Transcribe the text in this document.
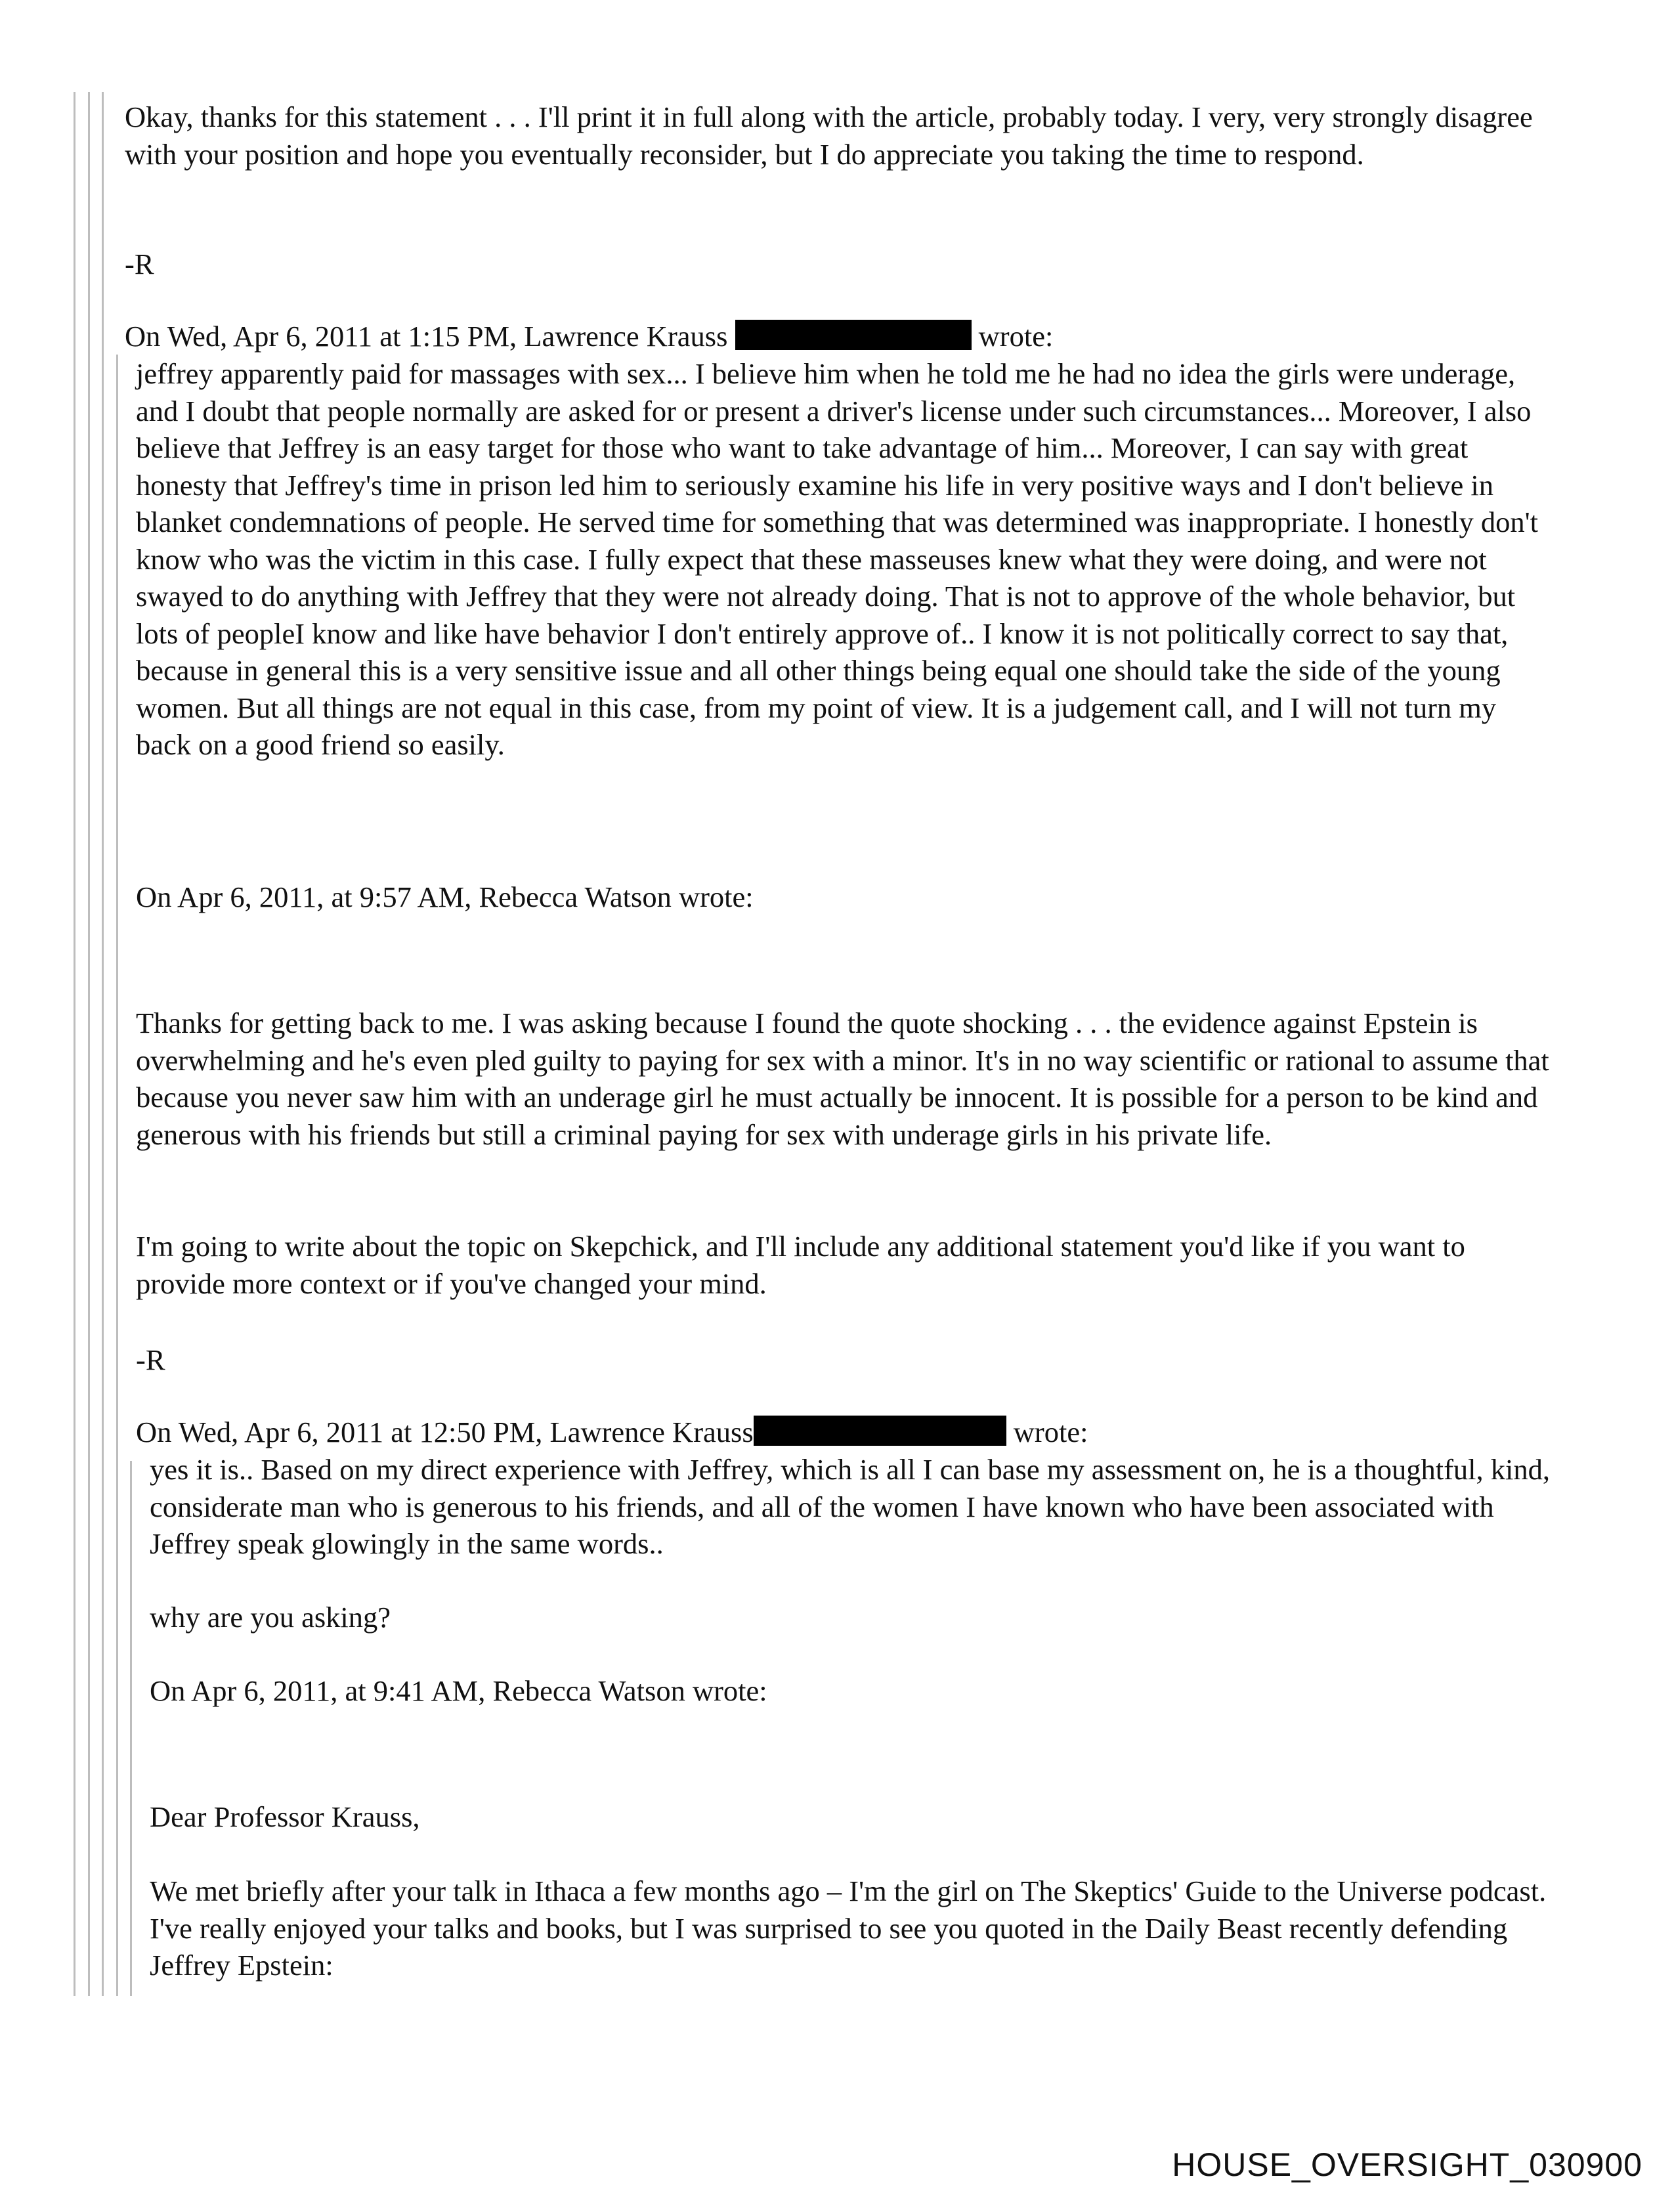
Okay, thanks for this statement . . . I'll print it in full along with the article, probably today. I very, very strongly disagree with your position and hope you eventually reconsider, but I do appreciate you taking the time to respond.

-R

On Wed, Apr 6, 2011 at 1:15 PM, Lawrence Krauss	wrote:

jeffrey apparently paid for massages with sex... I believe him when he told me he had no idea the girls were underage, and I doubt that people normally are asked for or present a driver's license under such circumstances... Moreover, I also believe that Jeffrey is an easy target for those who want to take advantage of him... Moreover, I can say with great honesty that Jeffrey's time in prison led him to seriously examine his life in very positive ways and I don't believe in blanket condemnations of people. He served time for something that was determined was inappropriate. I honestly don't know who was the victim in this case. I fully expect that these masseuses knew what they were doing, and were not swayed to do anything with Jeffrey that they were not already doing. That is not to approve of the whole behavior, but lots of peopleI know and like have behavior I don't entirely approve of.. I know it is not politically correct to say that, because in general this is a very sensitive issue and all other things being equal one should take the side of the young women. But all things are not equal in this case, from my point of view. It is a judgement call, and I will not turn my back on a good friend so easily.

On Apr 6, 2011, at 9:57 AM, Rebecca Watson wrote:

Thanks for getting back to me. I was asking because I found the quote shocking . . . the evidence against Epstein is overwhelming and he's even pled guilty to paying for sex with a minor. It's in no way scientific or rational to assume that because you never saw him with an underage girl he must actually be innocent. It is possible for a person to be kind and generous with his friends but still a criminal paying for sex with underage girls in his private life.

I'm going to write about the topic on Skepchick, and I'll include any additional statement you'd like if you want to provide more context or if you've changed your mind.

-R

On Wed, Apr 6, 2011 at 12:50 PM, Lawrence Krauss	wrote:

yes it is.. Based on my direct experience with Jeffrey, which is all I can base my assessment on, he is a thoughtful, kind, considerate man who is generous to his friends, and all of the women I have known who have been associated with Jeffrey speak glowingly in the same words..

why are you asking?

On Apr 6, 2011, at 9:41 AM, Rebecca Watson wrote:

Dear Professor Krauss,

We met briefly after your talk in Ithaca a few months ago – I'm the girl on The Skeptics' Guide to the Universe podcast. I've really enjoyed your talks and books, but I was surprised to see you quoted in the Daily Beast recently defending Jeffrey Epstein:

HOUSE_OVERSIGHT_030900
